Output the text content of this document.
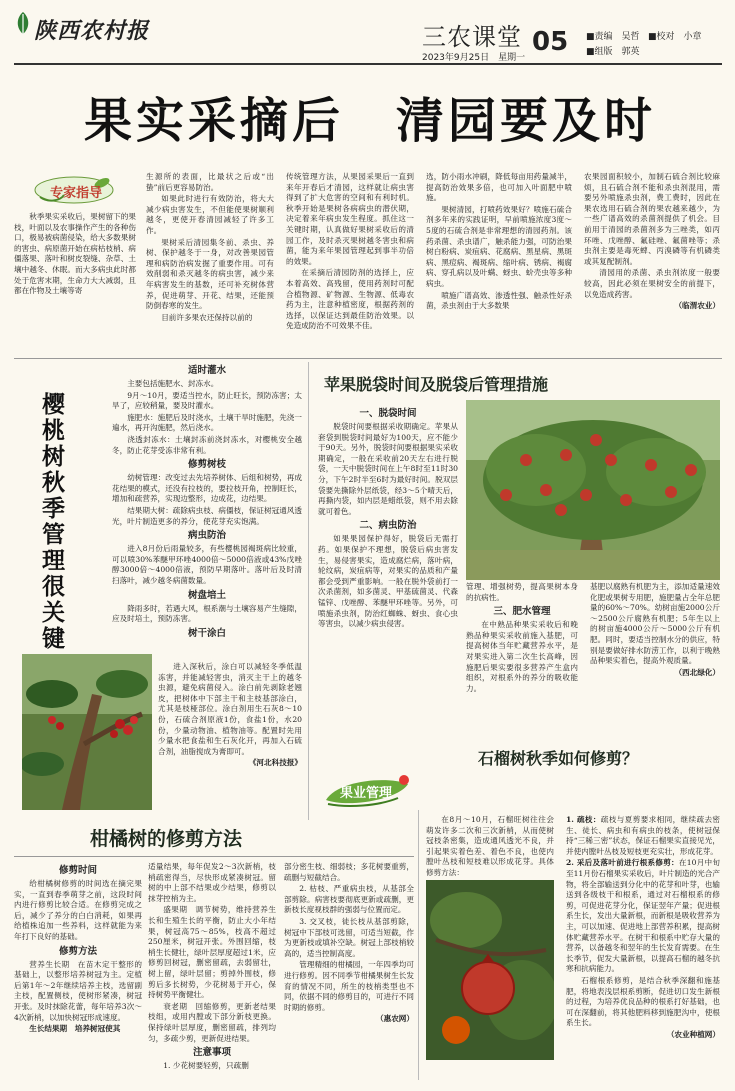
陕西农村报	三农课堂 05
2023年9月25日　星期一
■责编　吴哲 ■校对　小章
■组版　郭英
果实采摘后　清园要及时
专家指导

秋季果实采收后，果树留下的果枝，叶面以及农事操作产生的各种伤口，极易被病菌侵染，给大多数果树的害虫、病原菌开始在病枯枝梢、病僵落果、落叶和树皮裂缝、杂草、土壤中越冬、休眠。而大多病虫此时都处于危害末期，生命力大大减弱，且都在作物及土壤等寄

生源所的表面，比最状之后或“出蛰”前后更容易防治。

如果此时进行有效防治，将大大减少病虫害发生，不但能使果树顺利越冬，更使开春清园减轻了许多工作。

果树采后清园集冬前、杀虫、养树、保护越冬于一身，对改善果园管理和病防治病发掘了重要作用。可有效削弱和杀灭越冬的病虫害，减少来年病害发生的基数，还可补充树体营养，促进萌芽、开花、结果，还能预防倒春寒的发生。

目前许多果农还保持以前的

传统管理方法，从果园采果后一直到来年开春后才清园，这样就让病虫害得到了扩大危害的空间和有利时机。秋季开始是果树各病病虫的潜伏期，决定着来年病虫发生程度。抓住这一关键时期，认真做好果树采收后的清园工作，及时杀灭果树越冬害虫和病菌，能为来年果园管理起到事半功倍的效果。

在采摘后清园防剂的选择上，应本着高效、高残留，使用药剂时可配合植物源、矿物源、生物源、低毒农药为主，注意种植密度，根据药剂的选择，以保证达到最佳防治效果。以免造成防治不可效果不佳。

选，防小雨水冲刷，降低每亩用药量减半，提高防治效果多倍，也可加入叶面肥中喷施。

果树清园，打喷药效果好？喷施石硫合剂多年来的实践证明，早前喷施浓度3度～5度的石硫合剂是非常理想的清园药剂。该药杀菌、杀虫谱广，触杀能力强，可防治果树白粉病、炭疽病、花腐病、黑星病、黑斑病、黑痘病、褐斑病、缩叶病、锈病、褐腐病、穿孔病以及叶螨、蚜虫、蚧壳虫等多种病虫。

喷施广谱高效、渗透性强、触杀性好杀菌，杀虫剂由于大多数果

农果园面积较小，加制石硫合剂比较麻烦，且石硫合剂不能和杀虫剂混用，需要另外喷施杀虫剂，费工费时，因此在果农选用石硫合剂的果农越来越少，为一些广谱高效的杀菌剂提供了机会。目前用于清园的杀菌剂多为三唑类，如丙环唑、戊唑醇、氟硅唑、氟菌唑等；杀虫剂主要是毒死蜱、丙溴磷等有机磷类或其复配制剂。

清园用的杀菌、杀虫剂浓度一般要较高，因此必须在果树安全的前提下，以免造成药害。

（临渭农业）

樱桃树秋季管理很关键
适时灌水

主要包括施肥水、封冻水。

9月～10月，要适当控水，防止旺长，预防冻害；太旱了，应较稍量，要及时灌水。

施肥水：施肥后及时浇水，土壤干旱时施肥，先浇一遍水，再开沟施肥，然后浇水。

浇透封冻水：土壤封冻前浇封冻水，对樱桃安全越冬，防止花芽受冻非常有利。

修剪树枝

幼树管理：改变过去先培养树体、后组和树势，再成花结果的模式，还没有拉枝的，要拉枝开角，控制旺长，增加和疏营养，实现边整形，边成花，边结果。

结果期大树：疏除病虫枝、病僵枝，保证树冠通风透光，叶片制造更多的养分，使花芽充实饱满。

病虫防治

进入8月份后雨量较多，有些樱桃园褐斑病比较重，可以喷30%苯醚甲环唑4000倍～5000倍液或43%戊唑醇3000倍～4000倍液，预防早期落叶。落叶后及时清扫落叶，减少越冬病菌数量。

树盘培土

降雨多时，若遇大风，根系潮与土壤容易产生缝隙，应及时培土，预防冻害。

树干涂白

进入深秋后，涂白可以减轻冬季低温冻害，并能减轻害虫，消灭主干上的越冬虫源，避免病菌侵入。涂白前先剥除老翘皮，把树体中下部主干和主枝基部涂白，尤其是枝桠部位。涂白剂用生石灰8～10份，石硫合剂原液1份，食盐1份，水20份，少量动物油、植物油等。配置时先用少量水把食盐和生石灰化开，再加入石硫合剂，油脂搅成为膏即可。

《河北科技报》

苹果脱袋时间及脱袋后管理措施
一、脱袋时间

脱袋时间要根据采收期确定。苹果从套袋到脱袋时间最好为100天，应不能少于90天。另外，脱袋时间要根据果实采收期确定，一般在采收前20天左右进行脱袋，一天中脱袋时间在上午8时至11时30分，下午2时半至6时为最好时间。脱双层袋要先撕除外层纸袋，经3～5个晴天后，再撕内袋，如内层是蜡纸袋，则不用去除就可着色。

二、病虫防治

如果果园保护得好，脱袋后无需打药。如果保护不理想，脱袋后病虫害发生，易侵害果实，造成腐烂病，落叶病，轮纹病，炭疽病等，对果实的品质和产量都会受到严重影响。一般在脱外袋前打一次杀菌剂，如多菌灵、甲基硫菌灵、代森锰锌、戊唑醇、苯醚甲环唑等。另外，可喷施杀虫剂，防治红蜘蛛、蚜虫、食心虫等害虫，以减少病虫侵害。

管理、增强树势，提高果树本身的抗病性。

三、肥水管理

在中熟品种果实采收后和晚熟品种果实采收前施入基肥，可提高树体当年贮藏营养水平，是对果实进入第二次生长高峰，因施肥后果实要很多营养产生盒内组织，对根系外的养分的吸收能力。

基肥以腐熟有机肥为主，添加适量速效化肥或果树专用肥，施肥量占全年总肥量的60%～70%。幼树亩施2000公斤～2500公斤腐熟有机肥；5年生以上的树亩施4000公斤～5000公斤有机肥。同时，要适当控制水分的供应，特别是要做好排水防涝工作，以利于晚熟品种果实着色，提高外观质量。

（西北绿化）

石榴树秋季如何修剪？
果业管理

在8月～10月，石榴旺树往往会萌发许多二次和三次新梢，从而使树冠枝条密集，造成通风透光不良，并引起果实着色差、着色不良，也使内膛叶丛枝和短枝难以形成花芽。具体修剪方法：

1. 疏枝：疏枝与夏剪要求相同，继续疏去密生、徒长、病虫和有病虫的枝条，使树冠保持“三稀三密”状态，保证石榴果实直接见光，并使内膛叶丛枝及短枝更充实壮，形成花芽。

2. 采后及落叶前进行根系修剪：在10月中旬至11月份石榴果实采收后，叶片制造的光合产物，将全部输送到分化中的花芽和叶芽，也输送到各级枝干和根系，通过对石榴根系的修剪，可促进花芽分化，保证翌年产量；促进根系生长，发出大量新根，而新根是吸收营养为主，可以加速、促进地上部营养积累，提高树体贮藏营养水平。在树干和根系中贮存大量的营养，以备越冬和翌年的生长发育需要。在生长季节，促发大量新根，以提高石榴的越冬抗寒和抗病能力。

石榴根系修剪，是结合秋季深翻和施基肥，将地表浅层根系剪断，促进切口发生新根的过程，为培养优良品种的根系打好基础，也可在深翻前，将其他肥料移到施肥沟中，使根系生长。

（农业种植网）

柑橘树的修剪方法
修剪时间

给柑橘树修剪的时间选在摘完果实，一直到春季萌芽之前，这段时间内进行修剪比较合适。在修剪完成之后，减少了养分的白白消耗，如果再给植株追加一些养料，这样就能为来年打下良好的基础。

修剪方法

营养生长期　在苗木定干整形的基础上，以整形培养树冠为主。定植后第1年～2年继续培养主枝，选留副主枝，配置侧枝，使树形紧凑，树冠开张。及时抹除花蕾，每年培养3次～4次新梢，以加快树冠形成速度。

生长结果期　培养树冠使其

适量结果，每年促发2～3次新梢，枝梢疏密得当，尽快形成紧凑树冠。留树的中上部不结果或少结果，修剪以抹芽控梢为主。

盛果期　调节树势，维持营养生长和生殖生长的平衡，防止大小年结果，树冠高75～85%，枝高不超过250厘米，树冠开张。外围回缩，枝梢生长健壮，绿叶层厚度超过1米，应修剪回树冠，删密留疏，去弱留壮，树上留，绿叶层留；剪掉外围枝，修剪后多长树势，少花树易于开心，保持树势平衡健壮。

衰老期　回缩修剪，更新老结果枝组，或用内膛或下部分新枝更换。保持绿叶层厚度，删密留疏，排列均匀，多疏少剪，更新促进结果。

注意事项

1. 少花树要轻剪，只疏删

部分密生枝、细弱枝；多花树要重剪，疏删与短截结合。

2. 枯枝、严重病虫枝，从基部全部剪除。病害枝要彻底更新或疏删，更新枝长度视枝群的强弱与位置而定。

3. 交叉枝，徒长枝从基部剪除，树冠中下部枝可选留，可适当短截，作为更新枝或填补空缺。树冠上部枝梢较高的，适当控制高度。

管理精细的柑橘园，一年四季均可进行修剪。因不同季节柑橘果树生长发育的情况不同，所生的枝梢类型也不同，依据不同的修剪目的，可进行不同时期的修剪。

（惠农网）
